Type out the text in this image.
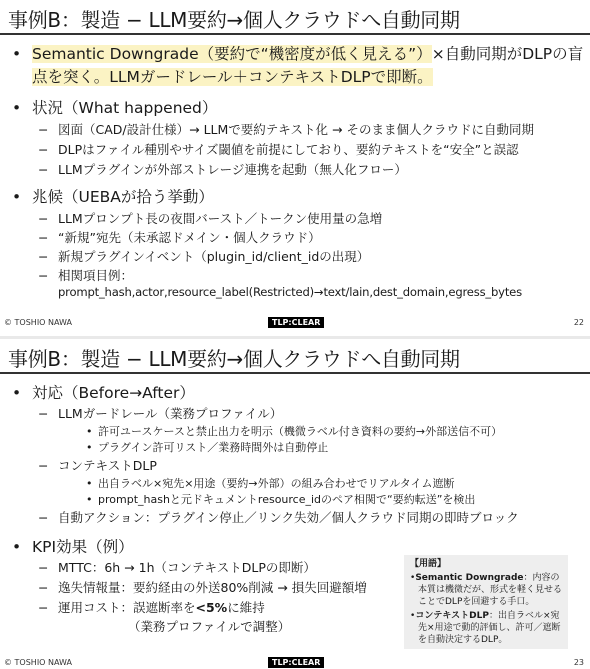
事例B：製造 − LLM要約→個人クラウドへ自動同期
• Semantic Downgrade（要約で“機密度が低く見える”）×自動同期がDLPの盲
点を突く。LLMガードレール＋コンテキストDLPで即断。
• 状況（What happened）
− 図面（CAD/設計仕様）→ LLMで要約テキスト化 → そのまま個人クラウドに自動同期
− DLPはファイル種別やサイズ閾値を前提にしており、要約テキストを“安全”と誤認
− LLMプラグインが外部ストレージ連携を起動（無人化フロー）
• 兆候（UEBAが拾う挙動）
− LLMプロンプト長の夜間バースト／トークン使用量の急増
− “新規”宛先（未承認ドメイン・個人クラウド）
− 新規プラグインイベント（plugin_id/client_idの出現）
− 相関項目例：
prompt_hash,actor,resource_label(Restricted)→text/lain,dest_domain,egress_bytes
© TOSHIO NAWA	TLP:CLEAR	22
事例B：製造 − LLM要約→個人クラウドへ自動同期
• 対応（Before→After）
− LLMガードレール（業務プロファイル）
• 許可ユースケースと禁止出力を明示（機微ラベル付き資料の要約→外部送信不可）
• プラグイン許可リスト／業務時間外は自動停止
− コンテキストDLP
• 出自ラベル×宛先×用途（要約→外部）の組み合わせでリアルタイム遮断
• prompt_hashと元ドキュメントresource_idのペア相関で“要約転送”を検出
− 自動アクション：プラグイン停止／リンク失効／個人クラウド同期の即時ブロック
• KPI効果（例）
− MTTC：6h → 1h（コンテキストDLPの即断）
− 逸失情報量：要約経由の外送80%削減 → 損失回避額増
− 運用コスト：誤遮断率を<5%に維持
（業務プロファイルで調整）
【用語】
•Semantic Downgrade：内容の本質は機微だが、形式を軽く見せることでDLPを回避する手口。
•コンテキストDLP：出自ラベル×宛先×用途で動的評価し、許可／遮断を自動決定するDLP。
© TOSHIO NAWA	TLP:CLEAR	23
